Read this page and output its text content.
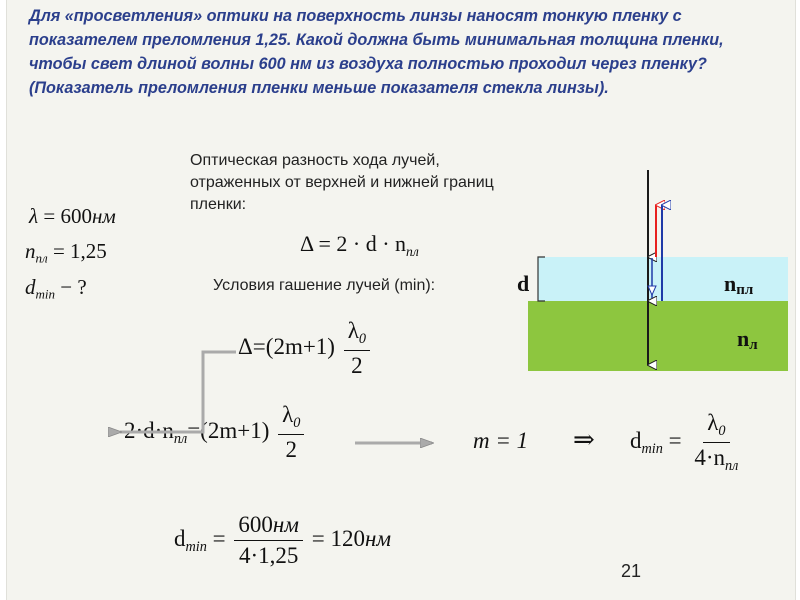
Для «просветления» оптики на поверхность линзы наносят тонкую пленку с показателем преломления 1,25. Какой должна быть минимальная толщина пленки, чтобы свет длиной волны 600 нм из воздуха полностью проходил через пленку? (Показатель преломления пленки меньше показателя стекла линзы).

Оптическая разность хода лучей, отраженных от верхней и нижней границ пленки:

Условия гашение лучей (min):

λ = 600нм
$n_{пл} = 1,25$
$d_{min}$ − ?
$\Delta = 2 \cdot d \cdot n_{пл}$
$\Delta=(2m+1) \frac{\lambda_0}{2}$
$2\cdot d\cdot n_{пл}=(2m+1) \frac{\lambda_0}{2}$	m = 1 ⇒ $d_{min} = \frac{\lambda_0}{4\cdot n_{пл}}$
$d_{min} = \frac{600нм}{4\cdot 1,25} = 120нм$
21
d	nпл
nл
